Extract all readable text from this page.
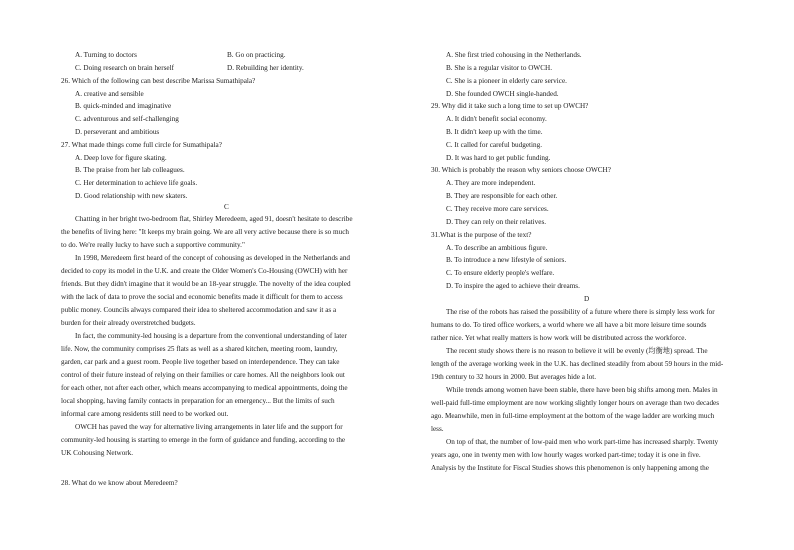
A. Turning to doctors	B. Go on practicing.
C. Doing research on brain herself	D. Rebuilding her identity.
26. Which of the following can best describe Marissa Sumathipala?
A. creative and sensible
B. quick-minded and imaginative
C. adventurous and self-challenging
D. perseverant and ambitious
27. What made things come full circle for Sumathipala?
A. Deep love for figure skating.
B. The praise from her lab colleagues.
C. Her determination to achieve life goals.
D. Good relationship with new skaters.
C
Chatting in her bright two-bedroom flat, Shirley Meredeem, aged 91, doesn't hesitate to describe
the benefits of living here: "It keeps my brain going. We are all very active because there is so much
to do. We're really lucky to have such a supportive community."
In 1998, Meredeem first heard of the concept of cohousing as developed in the Netherlands and
decided to copy its model in the U.K. and create the Older Women's Co-Housing (OWCH) with her
friends. But they didn't imagine that it would be an 18-year struggle. The novelty of the idea coupled
with the lack of data to prove the social and economic benefits made it difficult for them to access
public money. Councils always compared their idea to sheltered accommodation and saw it as a
burden for their already overstretched budgets.
In fact, the community-led housing is a departure from the conventional understanding of later
life. Now, the community comprises 25 flats as well as a shared kitchen, meeting room, laundry,
garden, car park and a guest room. People live together based on interdependence. They can take
control of their future instead of relying on their families or care homes. All the neighbors look out
for each other, not after each other, which means accompanying to medical appointments, doing the
local shopping, having family contacts in preparation for an emergency... But the limits of such
informal care among residents still need to be worked out.
OWCH has paved the way for alternative living arrangements in later life and the support for
community-led housing is starting to emerge in the form of guidance and funding, according to the
UK Cohousing Network.
28. What do we know about Meredeem?
A. She first tried cohousing in the Netherlands.
B. She is a regular visitor to OWCH.
C. She is a pioneer in elderly care service.
D. She founded OWCH single-handed.
29. Why did it take such a long time to set up OWCH?
A. It didn't benefit social economy.
B. It didn't keep up with the time.
C. It called for careful budgeting.
D. It was hard to get public funding.
30. Which is probably the reason why seniors choose OWCH?
A. They are more independent.
B. They are responsible for each other.
C. They receive more care services.
D. They can rely on their relatives.
31.What is the purpose of the text?
A. To describe an ambitious figure.
B. To introduce a new lifestyle of seniors.
C. To ensure elderly people's welfare.
D. To inspire the aged to achieve their dreams.
D
The rise of the robots has raised the possibility of a future where there is simply less work for
humans to do. To tired office workers, a world where we all have a bit more leisure time sounds
rather nice. Yet what really matters is how work will be distributed across the workforce.
The recent study shows there is no reason to believe it will be evenly (均衡地) spread. The
length of the average working week in the U.K. has declined steadily from about 59 hours in the mid-
19th century to 32 hours in 2000. But averages hide a lot.
While trends among women have been stable, there have been big shifts among men. Males in
well-paid full-time employment are now working slightly longer hours on average than two decades
ago. Meanwhile, men in full-time employment at the bottom of the wage ladder are working much
less.
On top of that, the number of low-paid men who work part-time has increased sharply. Twenty
years ago, one in twenty men with low hourly wages worked part-time; today it is one in five.
Analysis by the Institute for Fiscal Studies shows this phenomenon is only happening among the
